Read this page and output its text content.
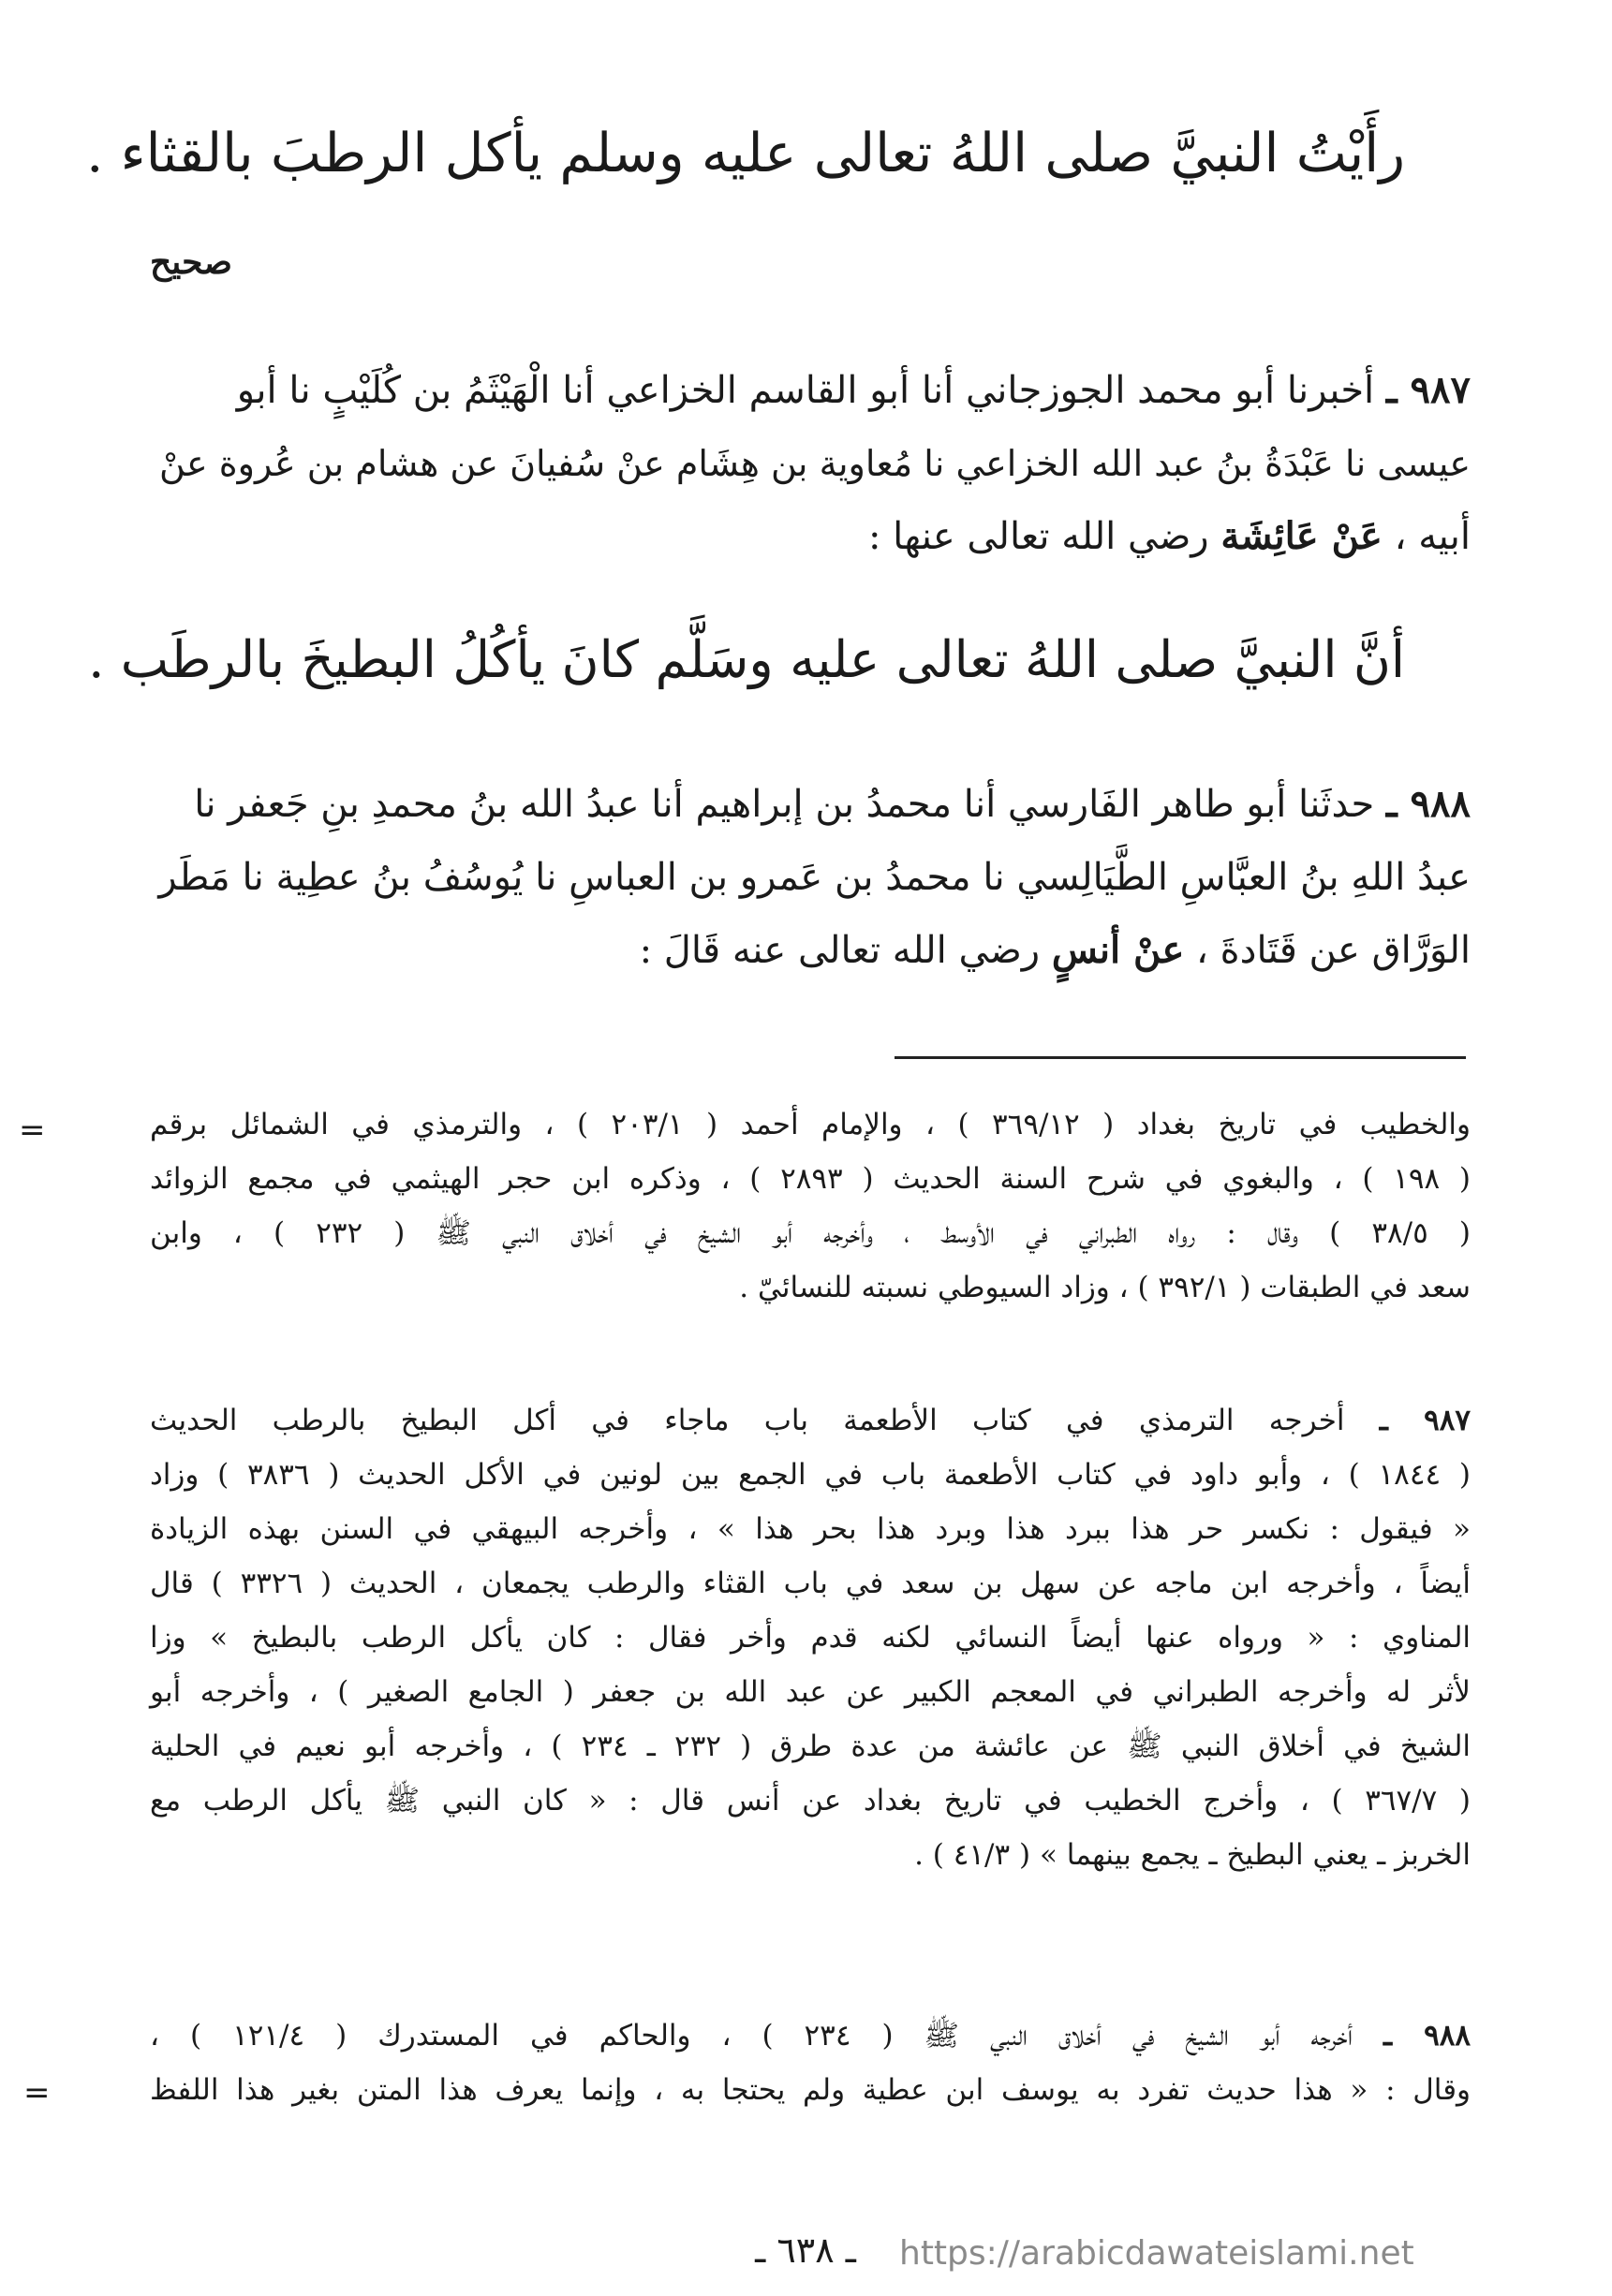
رأَيْتُ النبيَّ صلى اللهُ تعالى عليه وسلم يأكل الرطبَ بالقثاء .
صحيح
٩٨٧ ـ أخبرنا أبو محمد الجوزجاني أنا أبو القاسم الخزاعي أنا الْهَيْثَمُ بن كُلَيْبٍ نا أبو
عيسى نا عَبْدَةُ بنُ عبد الله الخزاعي نا مُعاوية بن هِشَام عنْ سُفيانَ عن هشام بن عُروة عنْ
أبيه ، عَنْ عَائِشَة رضي الله تعالى عنها :
أنَّ النبيَّ صلى اللهُ تعالى عليه وسَلَّم كانَ يأكُلُ البطيخَ بالرطَب .
٩٨٨ ـ حدثَنا أبو طاهر الفَارسي أنا محمدُ بن إبراهيم أنا عبدُ الله بنُ محمدِ بنِ جَعفر نا
عبدُ اللهِ بنُ العبَّاسِ الطَّيَالِسي نا محمدُ بن عَمرو بن العباسِ نا يُوسُفُ بنُ عطِية نا مَطَر
الوَرَّاق عن قَتَادةَ ، عنْ أنسٍ رضي الله تعالى عنه قَالَ :
=	والخطيب في تاريخ بغداد ( ٣٦٩/١٢ ) ، والإمام أحمد ( ٢٠٣/١ ) ، والترمذي في الشمائل برقم
( ١٩٨ ) ، والبغوي في شرح السنة الحديث ( ٢٨٩٣ ) ، وذكره ابن حجر الهيثمي في مجمع الزوائد
( ٣٨/٥ ) وقال : رواه الطبراني في الأوسط ، وأخرجه أبو الشيخ في أخلاق النبي ﷺ ( ٢٣٢ ) ، وابن
سعد في الطبقات ( ٣٩٢/١ ) ، وزاد السيوطي نسبته للنسائيّ .
٩٨٧ ـ أخرجه الترمذي في كتاب الأطعمة باب ماجاء في أكل البطيخ بالرطب الحديث
( ١٨٤٤ ) ، وأبو داود في كتاب الأطعمة باب في الجمع بين لونين في الأكل الحديث ( ٣٨٣٦ ) وزاد
« فيقول : نكسر حر هذا ببرد هذا وبرد هذا بحر هذا » ، وأخرجه البيهقي في السنن بهذه الزيادة
أيضاً ، وأخرجه ابن ماجه عن سهل بن سعد في باب القثاء والرطب يجمعان ، الحديث ( ٣٣٢٦ ) قال
المناوي : « ورواه عنها أيضاً النسائي لكنه قدم وأخر فقال : كان يأكل الرطب بالبطيخ » وزا
لأثر له وأخرجه الطبراني في المعجم الكبير عن عبد الله بن جعفر ( الجامع الصغير ) ، وأخرجه أبو
الشيخ في أخلاق النبي ﷺ عن عائشة من عدة طرق ( ٢٣٢ ـ ٢٣٤ ) ، وأخرجه أبو نعيم في الحلية
( ٣٦٧/٧ ) ، وأخرج الخطيب في تاريخ بغداد عن أنس قال : « كان النبي ﷺ يأكل الرطب مع
الخربز ـ يعني البطيخ ـ يجمع بينهما » ( ٤١/٣ ) .
٩٨٨ ـ أخرجه أبو الشيخ في أخلاق النبي ﷺ ( ٢٣٤ ) ، والحاكم في المستدرك ( ١٢١/٤ ) ،
وقال : « هذا حديث تفرد به يوسف ابن عطية ولم يحتجا به ، وإنما يعرف هذا المتن بغير هذا اللفظ
=
ـ ٦٣٨ ـ	https://arabicdawateislami.net
